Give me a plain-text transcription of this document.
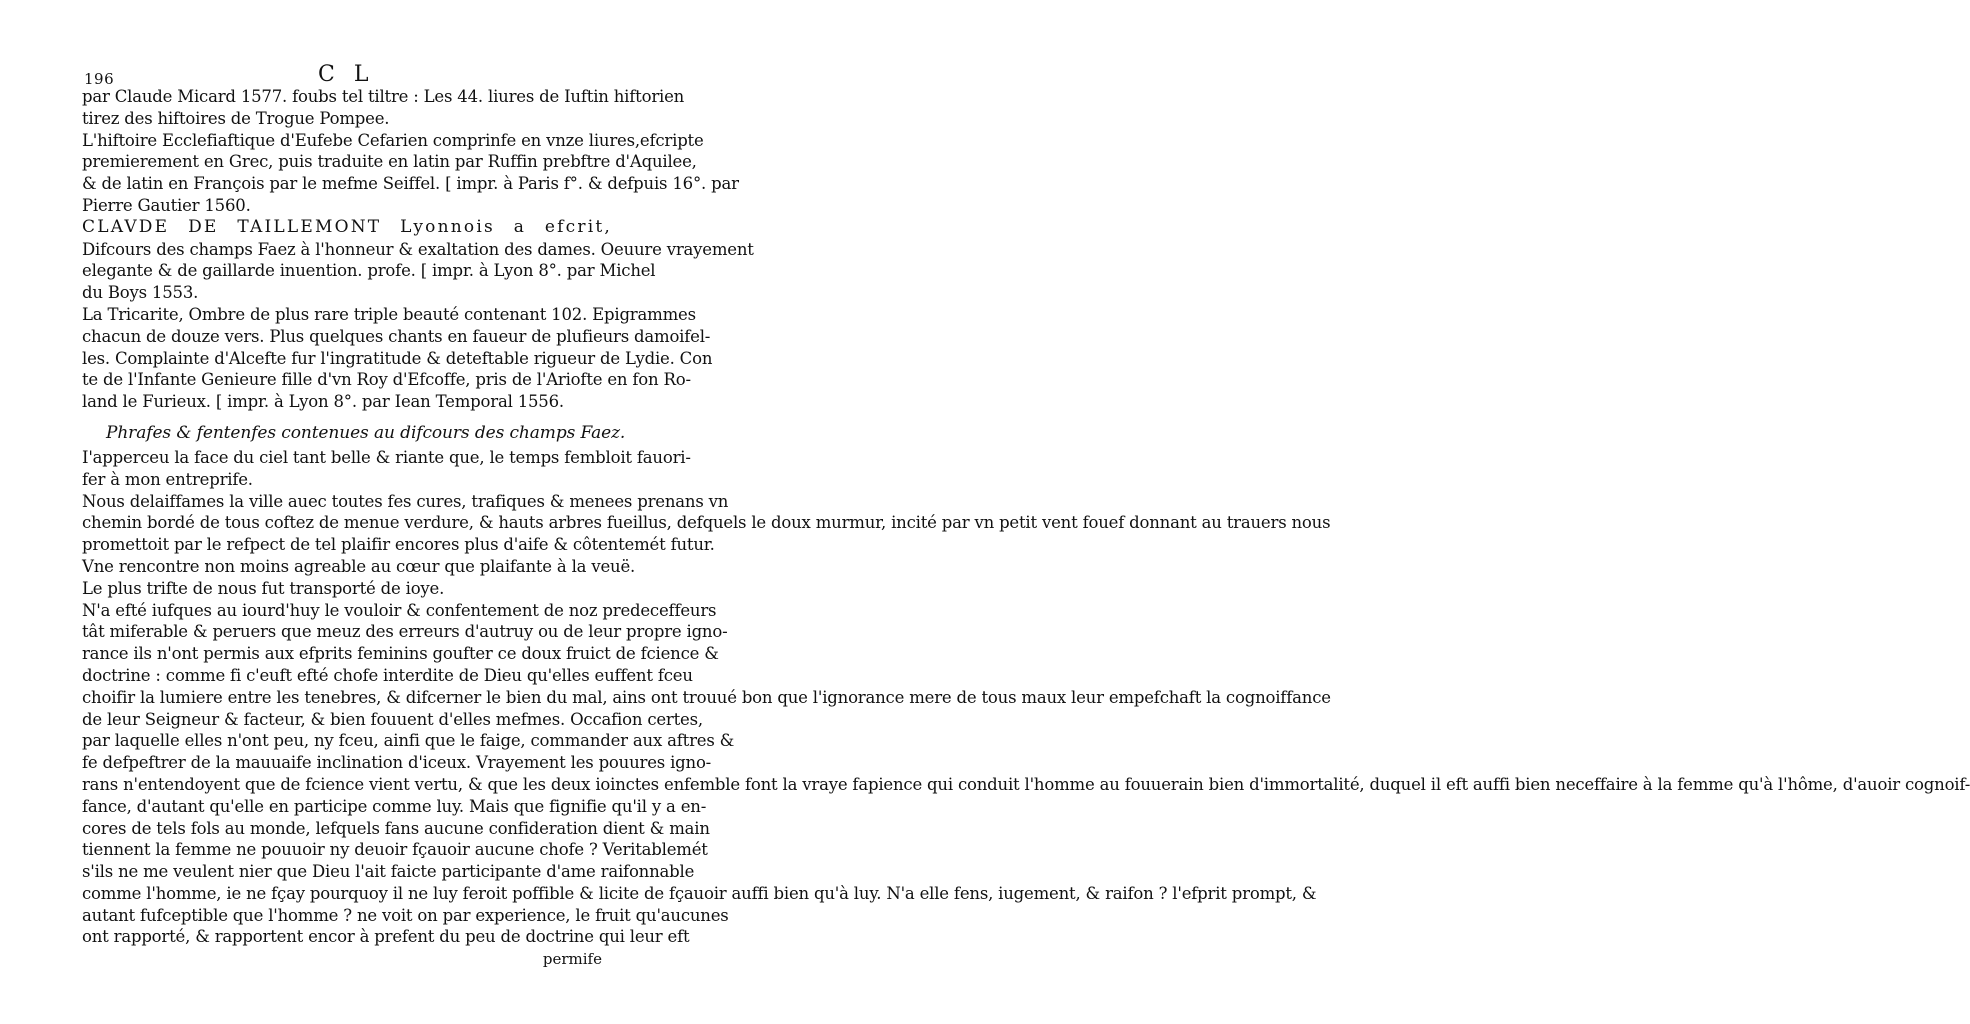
196	C L
par Claude Micard 1577. foubs tel tiltre : Les 44. liures de Iuftin hiftorien
tirez des hiftoires de Trogue Pompee.
L'hiftoire Ecclefiaftique d'Eufebe Cefarien comprinfe en vnze liures,efcripte
premierement en Grec, puis traduite en latin par Ruffin prebftre d'Aquilee,
& de latin en François par le mefme Seiffel. [ impr. à Paris f°. & defpuis 16°. par
Pierre Gautier 1560.
CLAVDE DE TAILLEMONT Lyonnois a efcrit,
Difcours des champs Faez à l'honneur & exaltation des dames. Oeuure vrayement
elegante & de gaillarde inuention. profe. [ impr. à Lyon 8°. par Michel
du Boys 1553.
La Tricarite, Ombre de plus rare triple beauté contenant 102. Epigrammes
chacun de douze vers. Plus quelques chants en faueur de plufieurs damoifel-
les. Complainte d'Alcefte fur l'ingratitude & deteftable rigueur de Lydie. Con
te de l'Infante Genieure fille d'vn Roy d'Efcoffe, pris de l'Ariofte en fon Ro-
land le Furieux. [ impr. à Lyon 8°. par Iean Temporal 1556.
Phrafes & fentenfes contenues au difcours des champs Faez.
I'apperceu la face du ciel tant belle & riante que, le temps fembloit fauori-
fer à mon entreprife.
Nous delaiffames la ville auec toutes fes cures, trafiques & menees prenans vn
chemin bordé de tous coftez de menue verdure, & hauts arbres fueillus, defquels le doux murmur, incité par vn petit vent fouef donnant au trauers nous
promettoit par le refpect de tel plaifir encores plus d'aife & côtentemét futur.
Vne rencontre non moins agreable au cœur que plaifante à la veuë.
Le plus trifte de nous fut transporté de ioye.
N'a efté iufques au iourd'huy le vouloir & confentement de noz predeceffeurs
tât miferable & peruers que meuz des erreurs d'autruy ou de leur propre igno-
rance ils n'ont permis aux efprits feminins goufter ce doux fruict de fcience &
doctrine : comme fi c'euft efté chofe interdite de Dieu qu'elles euffent fceu
choifir la lumiere entre les tenebres, & difcerner le bien du mal, ains ont trouué bon que l'ignorance mere de tous maux leur empefchaft la cognoiffance
de leur Seigneur & facteur, & bien fouuent d'elles mefmes. Occafion certes,
par laquelle elles n'ont peu, ny fceu, ainfi que le faige, commander aux aftres &
fe defpeftrer de la mauuaife inclination d'iceux. Vrayement les pouures igno-
rans n'entendoyent que de fcience vient vertu, & que les deux ioinctes enfemble font la vraye fapience qui conduit l'homme au fouuerain bien d'immortalité, duquel il eft auffi bien neceffaire à la femme qu'à l'hôme, d'auoir cognoif-
fance, d'autant qu'elle en participe comme luy. Mais que fignifie qu'il y a en-
cores de tels fols au monde, lefquels fans aucune confideration dient & main
tiennent la femme ne pouuoir ny deuoir fçauoir aucune chofe ? Veritablemét
s'ils ne me veulent nier que Dieu l'ait faicte participante d'ame raifonnable
comme l'homme, ie ne fçay pourquoy il ne luy feroit poffible & licite de fçauoir auffi bien qu'à luy. N'a elle fens, iugement, & raifon ? l'efprit prompt, &
autant fufceptible que l'homme ? ne voit on par experience, le fruit qu'aucunes
ont rapporté, & rapportent encor à prefent du peu de doctrine qui leur eft
permife
